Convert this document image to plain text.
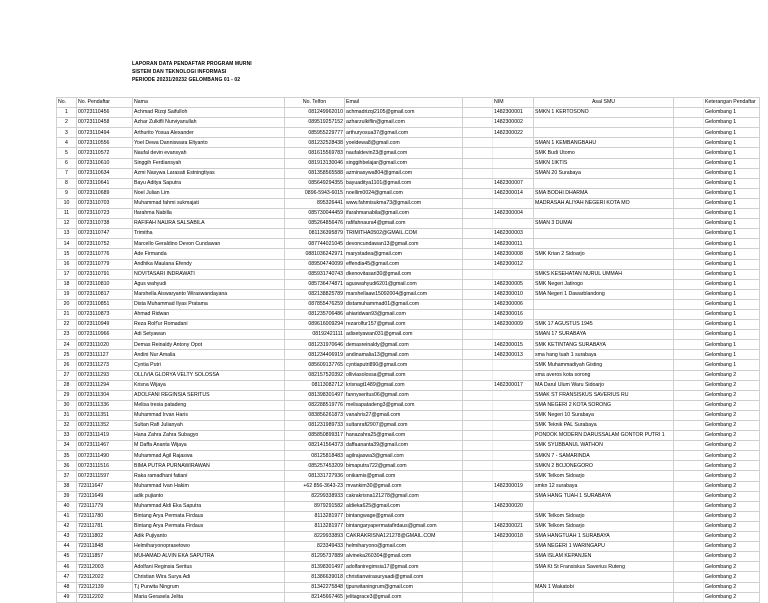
LAPORAN DATA PENDAFTAR PROGRAM MURNI
SISTEM DAN TEKNOLOGI INFORMASI
PERIODE 20231/20232 GELOMBANG 01 - 02
No.	No. Pendaftar	Nama	No. Telfon	Email		NIM	Asal SMU		Keterangan Pendaftar
1	00723110456	Achmad Rizqi Saifulloh	081249962010	achmadrizqi2105@gmail.com		1482300001	SMKN 1 KERTOSONO		Gelombang 1
2	00723110458	Azhar Zulkifli Nurviyanullah	089519257152	azharzulkiflin@gmail.com		1482300002			Gelombang 1
3	00723110494	Arthurito Yosua Alexander	085955229777	arthuryosua37@gmail.com		1482300022			Gelombang 1
4	00723110556	Yoel Dewa Danniswara Eltyanto	081232528438	yoeldewa8@gmail.com			SMAN 1 KEMBANGBAHU		Gelombang 1
5	00723110572	Naufal devin evansyah	081615569783	naufaldevin23@gmail.com			SMK Budi Utomo		Gelombang 1
6	00723110610	Singgih Ferdiansyah	081913130046	singgihbelajar@gmail.com			SMKN 1IKTIS		Gelombang 1
7	00723110634	Azmi Nasywa Larasati Estningtiyas	081358565588	azminasywa804@gmail.com			SMAN 20 Surabaya		Gelombang 1
8	00723110641	Bayu Aditya Saputra	085649294355	bayuaditya1101@gmail.com		1482300007			Gelombang 1
9	00723110689	Noel Julian Lim	0896-5943-6015	noellim0024@gmail.com		1482300014	SMA BODHI DHARMA		Gelombang 1
10	00723110703	Muhammad fahmi sukmajati	895326441	www.fahmisukma73@gmail.com			MADRASAH ALIYAH NEGERI KOTA MO		Gelombang 1
11	00723110723	Ifarahma Nabilla	085730044459	ifarahmanabila@gmail.com		1482300004			Gelombang 1
12	00723110738	RAFIFAH NAURA SALSABILA	085264856476	rafifahnaura4@gmail.com			SMAN 3 DUMAI		Gelombang 1
13	00723110747	Trimitha	081136395879	TRIMITHA0502@GMAIL.COM		1482300003			Gelombang 1
14	00723110752	Marcello Geraldino Devon Cundawan	087744021045	devoncundawan13@gmail.com		1482300011			Gelombang 1
15	00723110776	Ade Firmanda	0881036242971	marystadea@gmail.com		1482300008	SMK Krian 2 Sidoarjo		Gelombang 1
16	00723110779	Andhika Maulana Efendy	089504740099	effendia45@gmail.com		1482300012			Gelombang 1
17	00723110791	NOVITASARI INDRAWATI	085931740743	dkenovitasari30@gmail.com			SMKS KESEHATAN NURUL UMMAH		Gelombang 1
18	00723110810	Agus wahyudi	085736474871	aguswahyudi6201@gmail.com		1482300005	SMK Negeri Jatirogo		Gelombang 1
19	00723110817	Marshella Aiswaryanto Wiraswandayana	082138825789	marshellaaw15092004@gmail.com		1482300010	SMA Negeri 1 Dawarblandong		Gelombang 1
20	00723110851	Dista Muhammad Ilyas Pratama	087855476259	distamuhammad01@gmail.com		1482300006			Gelombang 1
21	00723110873	Ahmad Ridwan	081235706486	ahiaridwan93@gmail.com		1482300016			Gelombang 1
22	00723110949	Reza Rolf'ur Romadani	089616009294	rezarolfur157@gmail.com		1482300009	SMK 17 AGUSTUS 1945		Gelombang 1
23	00723110966	Adi Setyawan	08192421111	adisetyawan031@gmail.com			SMAN 17 SURABAYA		Gelombang 1
24	00723111020	Demas Reinaldy Antony Opot	081231970646	demasreinaldy@gmail.com		1482300015	SMK KETINTANG SURABAYA		Gelombang 1
25	00723111127	Andini Nur Amalia	081234406919	andinamalia13@gmail.com		1482300013	sma hang tuah 1 surabaya		Gelombang 1
26	00723111273	Cyntia Putri	085609137765	cyntiaputri890@gmail.com			SMK Muhammadiyah Gisting		Gelombang 1
27	00723111293	OLLIVIA GLORYA VELTY SOLOSSA	082157520392	olliviasolossa@gmail.com			sma averos kota sorong		Gelombang 2
28	00723111294	Krisna Wijaya	08113082712	krisnagt1489@gmail.com		1482300017	MA Darul Ulum Waru Sidoarjo		Gelombang 2
29	00723111304	ADOLFANI REGINSIA SERITUS	081398301497	fannyseritus06@gmail.com			SMAK ST FRANSISKUS SAVERIUS RU		Gelombang 2
30	00723111336	Melisa tresia patadeng	082288519776	melisapatadeng3@gmail.com			SMA NEGERI 2 KOTA SORONG		Gelombang 2
31	00723111351	Muhammad Irvan Haris	083856261873	vanahris27@gmail.com			SMK Negeri 10 Surabaya		Gelombang 2
32	00723111352	Sultan Rafi Julianyah	081231989733	sultanrafi2907@gmail.com			SMK Teknik PAL Surabaya		Gelombang 2
33	00723111419	Hana Zahra Zahra Subagyo	085850899317	hanazahra25@gmail.com			PONDOK MODERN DARUSSALAM GONTOR PUTRI 1		Gelombang 2
34	00723111467	M Daffa Ananta Wijaya	082141564373	daffaananta39@gmail.com			SMK SYUBBANUL WATHON		Gelombang 2
35	00723111490	Muhammad Agil Rajaswa	08125818483	agilrajaswa3@gmail.com			SMKN 7 - SAMARINDA		Gelombang 2
36	00723111516	BIMA PUTRA PURNAWIRAWAN	085257453209	bimaputra722@gmail.com			SMKN 2 BOJONEGORO		Gelombang 2
37	00723111597	Raka ramadhani fatiani	081331727936	onikamis@gmail.com			SMK Telkom Sidoarjo		Gelombang 2
38	723111647	Muhammad Ivan Hakim	+62 856-3643-23	mvankim30@gmail.com		1482300019	smkn 12 surabaya		Gelombang 2
39	723111649	adik pujianto	82299338933	cakrakrisna121278@gmail.com			SMA HANG TUAH 1 SURABAYA		Gelombang 2
40	723111779	Muhammad Aldi Eka Saputra	8979291582	aldieka625@gmail.com		1482300020			Gelombang 2
41	723111780	Bintang Arya Permata Firdaus	8113281977	bintangwage@gmail.com			SMK Telkom Sidoarjo		Gelombang 2
42	723111781	Bintang Arya Permata Firdaus	8113281977	bintangaryapermatafirdaus@gmail.com		1482300021	SMK Telkom Sidoarjo		Gelombang 2
43	723111802	Adik Pujiyanto	8229933893	CAKRAKRISNA121278@GMAIL.COM		1482300018	SMA HANGTUAH 1 SURABAYA		Gelombang 2
44	723111848	Helmiharyonoprasetowo	823349433	helmiharyono@gmail.com			SMA NEGERI 1 WARINGAPU		Gelombang 2
45	723111857	MUHAMAD ALVIN EKA SAPUTRA	81295737889	alvineka260304@gmail.com			SMA ISLAM KEPANJEN		Gelombang 2
46	723112003	Adolfani Reginsia Seritus	81398301497	adolfaniregimsia17@gmail.com			SMA Kt St Fransiskus Saverius Ruteng		Gelombang 2
47	723112022	Christian Wira Surya Adi	81386639018	christianwirasuryaadi@gmail.com					Gelombang 2
48	723112139	T.j Purwita Ningrum	81342275848	tjpurwitaningrum@gmail.com			MAN 1 Wakatobi		Gelombang 2
49	723112202	Maria Gerasela Jelita	82145667465	jelitagrace3@gmail.com					Gelombang 2
